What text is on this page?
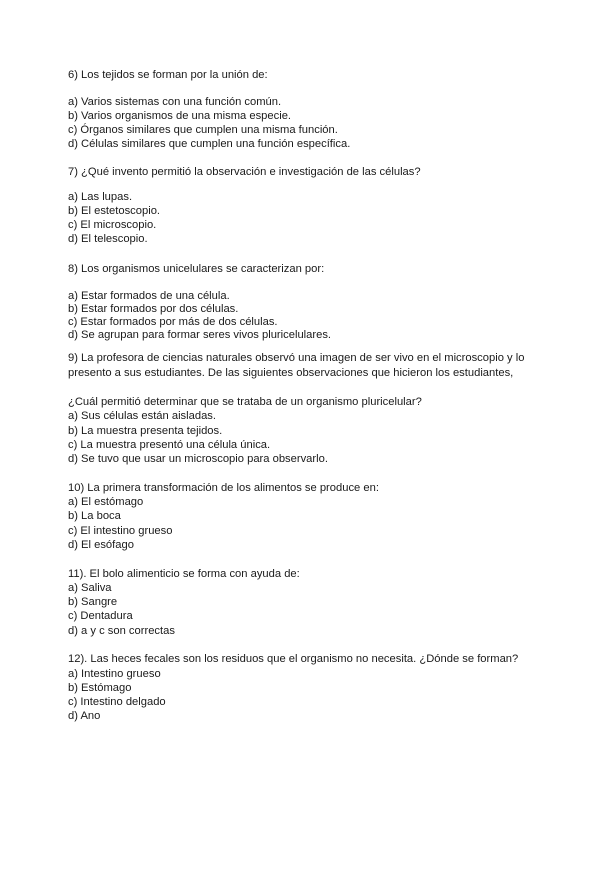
6) Los tejidos se forman por la unión de:
a) Varios sistemas con una función común.
b) Varios organismos de una misma especie.
c) Órganos similares que cumplen una misma función.
d) Células similares que cumplen una función específica.
7) ¿Qué invento permitió la observación e investigación de las células?
a) Las lupas.
b) El estetoscopio.
c) El microscopio.
d) El telescopio.
8) Los organismos unicelulares se caracterizan por:
a) Estar formados de una célula.
b) Estar formados por dos células.
c) Estar formados por más de dos células.
d) Se agrupan para formar seres vivos pluricelulares.
9) La profesora de ciencias naturales observó una imagen de ser vivo en el microscopio y lo
presento a sus estudiantes. De las siguientes observaciones que hicieron los estudiantes,
¿Cuál permitió determinar que se trataba de un organismo pluricelular?
a) Sus células están aisladas.
b) La muestra presenta tejidos.
c) La muestra presentó una célula única.
d) Se tuvo que usar un microscopio para observarlo.
10) La primera transformación de los alimentos se produce en:
a) El estómago
b) La boca
c) El intestino grueso
d) El esófago
11). El bolo alimenticio se forma con ayuda de:
a) Saliva
b) Sangre
c) Dentadura
d) a y c son correctas
12). Las heces fecales son los residuos que el organismo no necesita. ¿Dónde se forman?
a) Intestino grueso
b) Estómago
c) Intestino delgado
d) Ano
